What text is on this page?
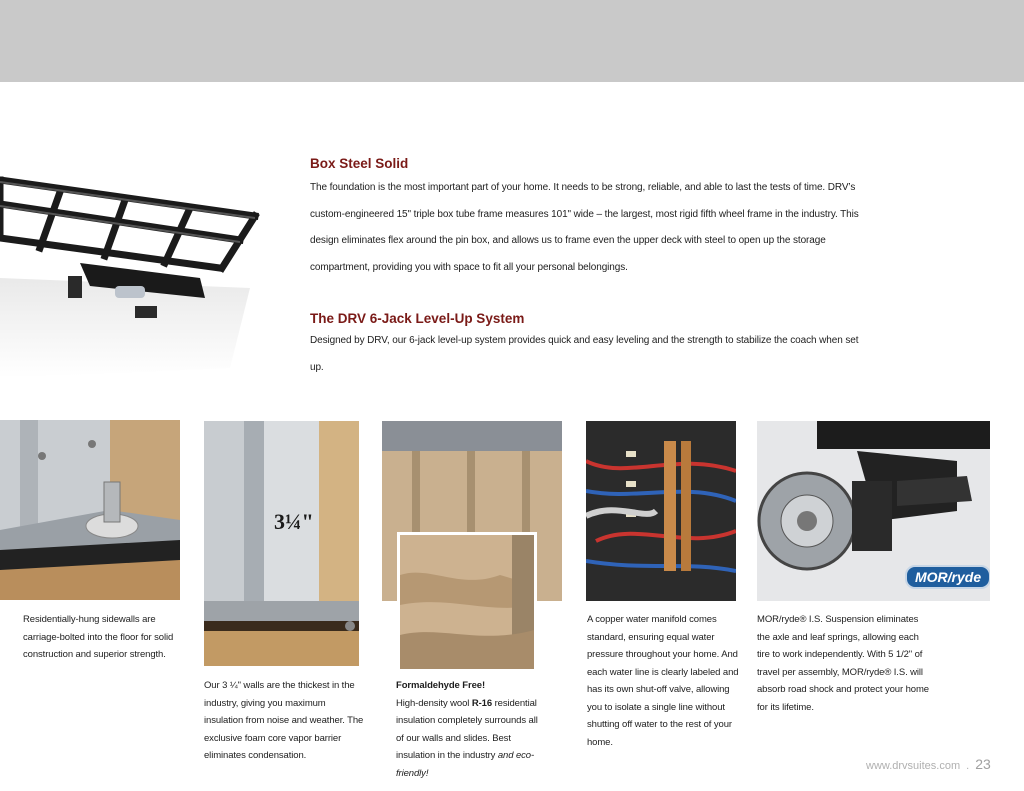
Box Steel Solid

The foundation is the most important part of your home. It needs to be strong, reliable, and able to last the tests of time. DRV’s custom-engineered 15" triple box tube frame measures 101" wide – the largest, most rigid fifth wheel frame in the industry. This design eliminates flex around the pin box, and allows us to frame even the upper deck with steel to open up the storage compartment, providing you with space to fit all your personal belongings.

The DRV 6-Jack Level-Up System

Designed by DRV, our 6-jack level-up system provides quick and easy leveling and the strength to stabilize the coach when set up.

Residentially-hung sidewalls are carriage-bolted into the floor for solid construction and superior strength.
3¼"
Our 3 ¼" walls are the thickest in the industry, giving you maximum insulation from noise and weather. The exclusive foam core vapor barrier eliminates condensation.
Formaldehyde Free!
High-density wool R-16 residential insulation completely surrounds all of our walls and slides. Best insulation in the industry and eco-friendly!
A copper water manifold comes standard, ensuring equal water pressure throughout your home. And each water line is clearly labeled and has its own shut-off valve, allowing you to isolate a single line without shutting off water to the rest of your home.
MOR/ryde
MOR/ryde® I.S. Suspension eliminates the axle and leaf springs, allowing each tire to work independently. With 5 1/2" of travel per assembly, MOR/ryde® I.S. will absorb road shock and protect your home for its lifetime.
www.drvsuites.com . 23
